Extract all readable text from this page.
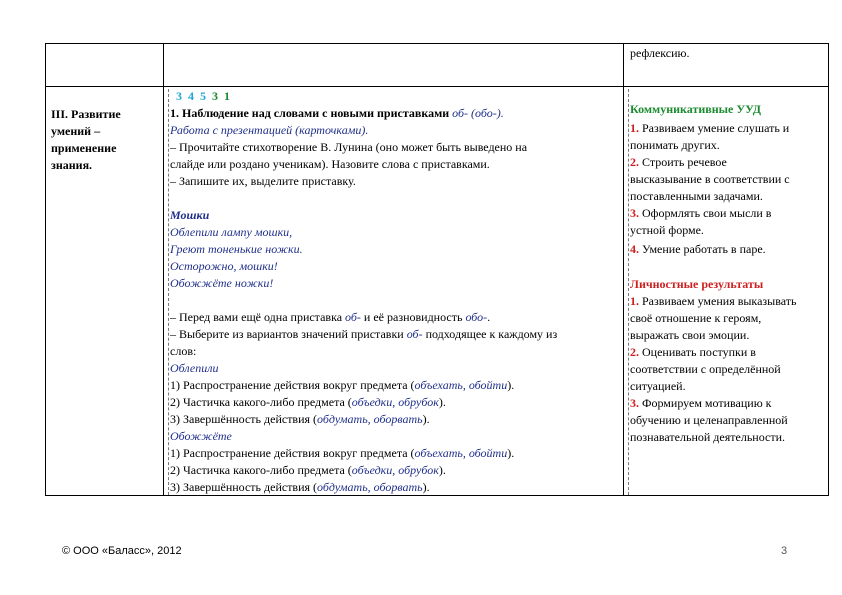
рефлексию.
III. Развитие
умений –
применение
знания.
3 4 5 3 1
1. Наблюдение над словами с новыми приставками об- (обо-).
Работа с презентацией (карточками).
– Прочитайте стихотворение В. Лунина (оно может быть выведено на
слайде или роздано ученикам). Назовите слова с приставками.
– Запишите их, выделите приставку.
Мошки
Облепили лампу мошки,
Греют тоненькие ножки.
Осторожно, мошки!
Обожжёте ножки!
– Перед вами ещё одна приставка об- и её разновидность обо-.
– Выберите из вариантов значений приставки об- подходящее к каждому из
слов:
Облепили
1) Распространение действия вокруг предмета (объехать, обойти).
2) Частичка какого-либо предмета (объедки, обрубок).
3) Завершённость действия (обдумать, оборвать).
Обожжёте
1) Распространение действия вокруг предмета (объехать, обойти).
2) Частичка какого-либо предмета (объедки, обрубок).
3) Завершённость действия (обдумать, оборвать).
Коммуникативные УУД
1. Развиваем умение слушать и
понимать других.
2. Строить речевое
высказывание в соответствии с
поставленными задачами.
3. Оформлять свои мысли в
устной форме.
4. Умение работать в паре.
Личностные результаты
1. Развиваем умения выказывать
своё отношение к героям,
выражать свои эмоции.
2. Оценивать поступки в
соответствии с определённой
ситуацией.
3. Формируем мотивацию к
обучению и целенаправленной
познавательной деятельности.
© ООО «Баласс», 2012	3
